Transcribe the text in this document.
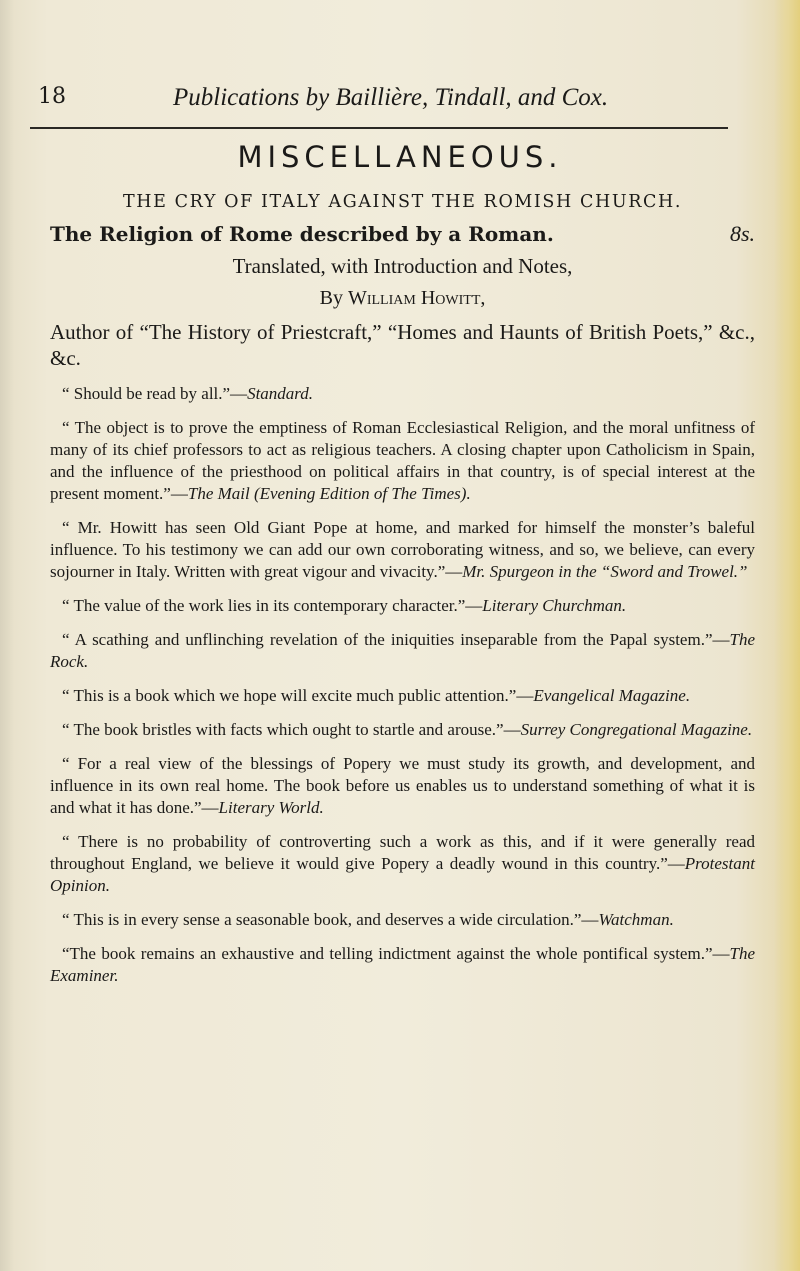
18	Publications by Baillière, Tindall, and Cox.
MISCELLANEOUS.
THE CRY OF ITALY AGAINST THE ROMISH CHURCH.
The Religion of Rome described by a Roman.	8s.
Translated, with Introduction and Notes,
By William Howitt,
Author of “The History of Priestcraft,” “Homes and Haunts of British Poets,” &c., &c.

“ Should be read by all.”—Standard.

“ The object is to prove the emptiness of Roman Ecclesiastical Religion, and the moral unfitness of many of its chief professors to act as religious teachers. A closing chapter upon Catholicism in Spain, and the influence of the priesthood on political affairs in that country, is of special interest at the present moment.”—The Mail (Evening Edition of The Times).

“ Mr. Howitt has seen Old Giant Pope at home, and marked for himself the monster’s baleful influence. To his testimony we can add our own corroborating witness, and so, we believe, can every sojourner in Italy. Written with great vigour and vivacity.”—Mr. Spurgeon in the “Sword and Trowel.”

“ The value of the work lies in its contemporary character.”—Literary Churchman.

“ A scathing and unflinching revelation of the iniquities inseparable from the Papal system.”—The Rock.

“ This is a book which we hope will excite much public attention.”—Evangelical Magazine.

“ The book bristles with facts which ought to startle and arouse.”—Surrey Congregational Magazine.

“ For a real view of the blessings of Popery we must study its growth, and development, and influence in its own real home. The book before us enables us to understand something of what it is and what it has done.”—Literary World.

“ There is no probability of controverting such a work as this, and if it were generally read throughout England, we believe it would give Popery a deadly wound in this country.”—Protestant Opinion.

“ This is in every sense a seasonable book, and deserves a wide circulation.”—Watchman.

“The book remains an exhaustive and telling indictment against the whole pontifical system.”—The Examiner.
